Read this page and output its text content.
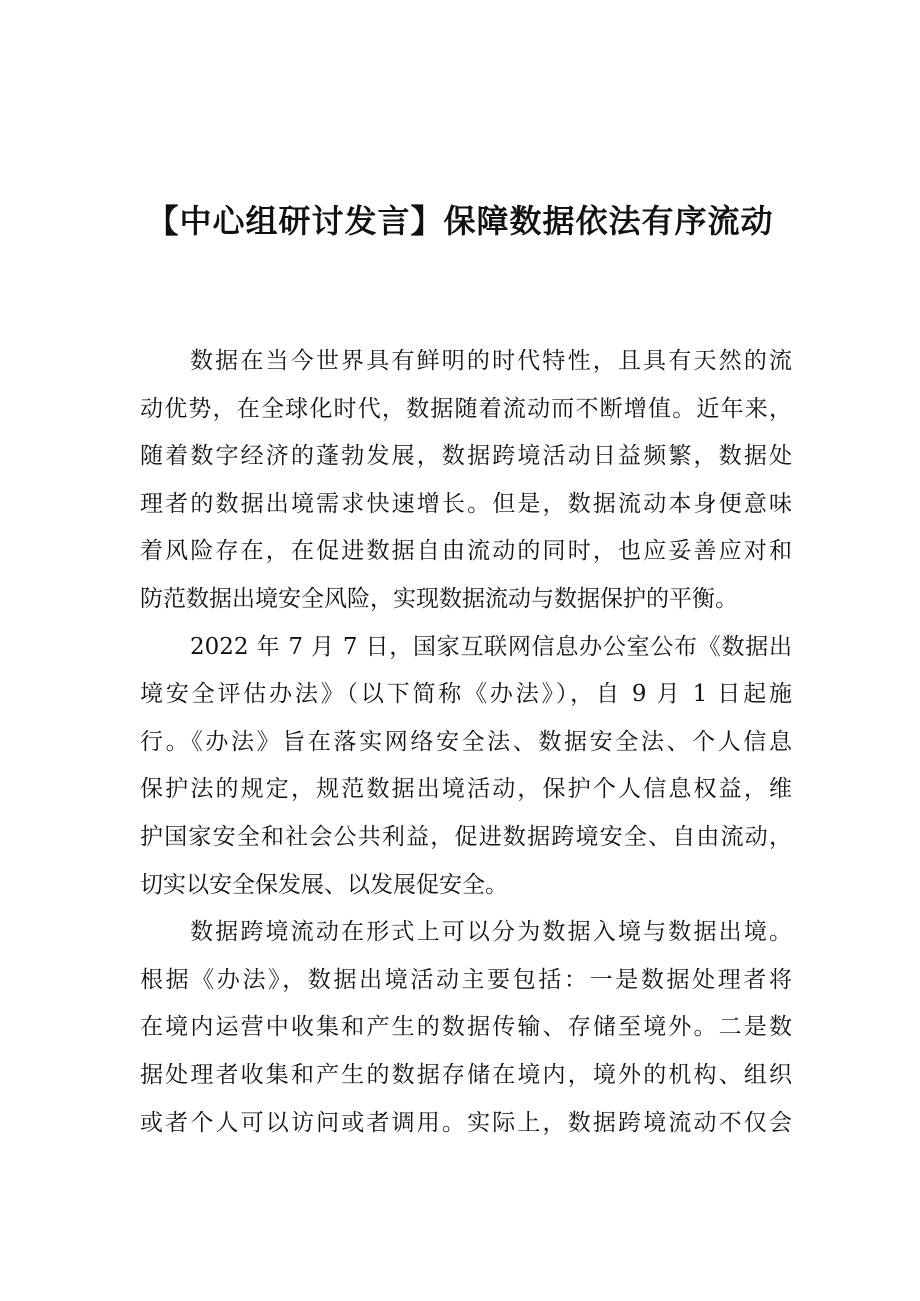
【中心组研讨发言】保障数据依法有序流动
数据在当今世界具有鲜明的时代特性，且具有天然的流
动优势，在全球化时代，数据随着流动而不断增值。近年来，
随着数字经济的蓬勃发展，数据跨境活动日益频繁，数据处
理者的数据出境需求快速增长。但是，数据流动本身便意味
着风险存在，在促进数据自由流动的同时，也应妥善应对和
防范数据出境安全风险，实现数据流动与数据保护的平衡。
2022 年 7 月 7 日，国家互联网信息办公室公布《数据出
境安全评估办法》（以下简称《办法》），自 9 月 1 日起施
行。《办法》旨在落实网络安全法、数据安全法、个人信息
保护法的规定，规范数据出境活动，保护个人信息权益，维
护国家安全和社会公共利益，促进数据跨境安全、自由流动，
切实以安全保发展、以发展促安全。
数据跨境流动在形式上可以分为数据入境与数据出境。
根据《办法》，数据出境活动主要包括：一是数据处理者将
在境内运营中收集和产生的数据传输、存储至境外。二是数
据处理者收集和产生的数据存储在境内，境外的机构、组织
或者个人可以访问或者调用。实际上，数据跨境流动不仅会
